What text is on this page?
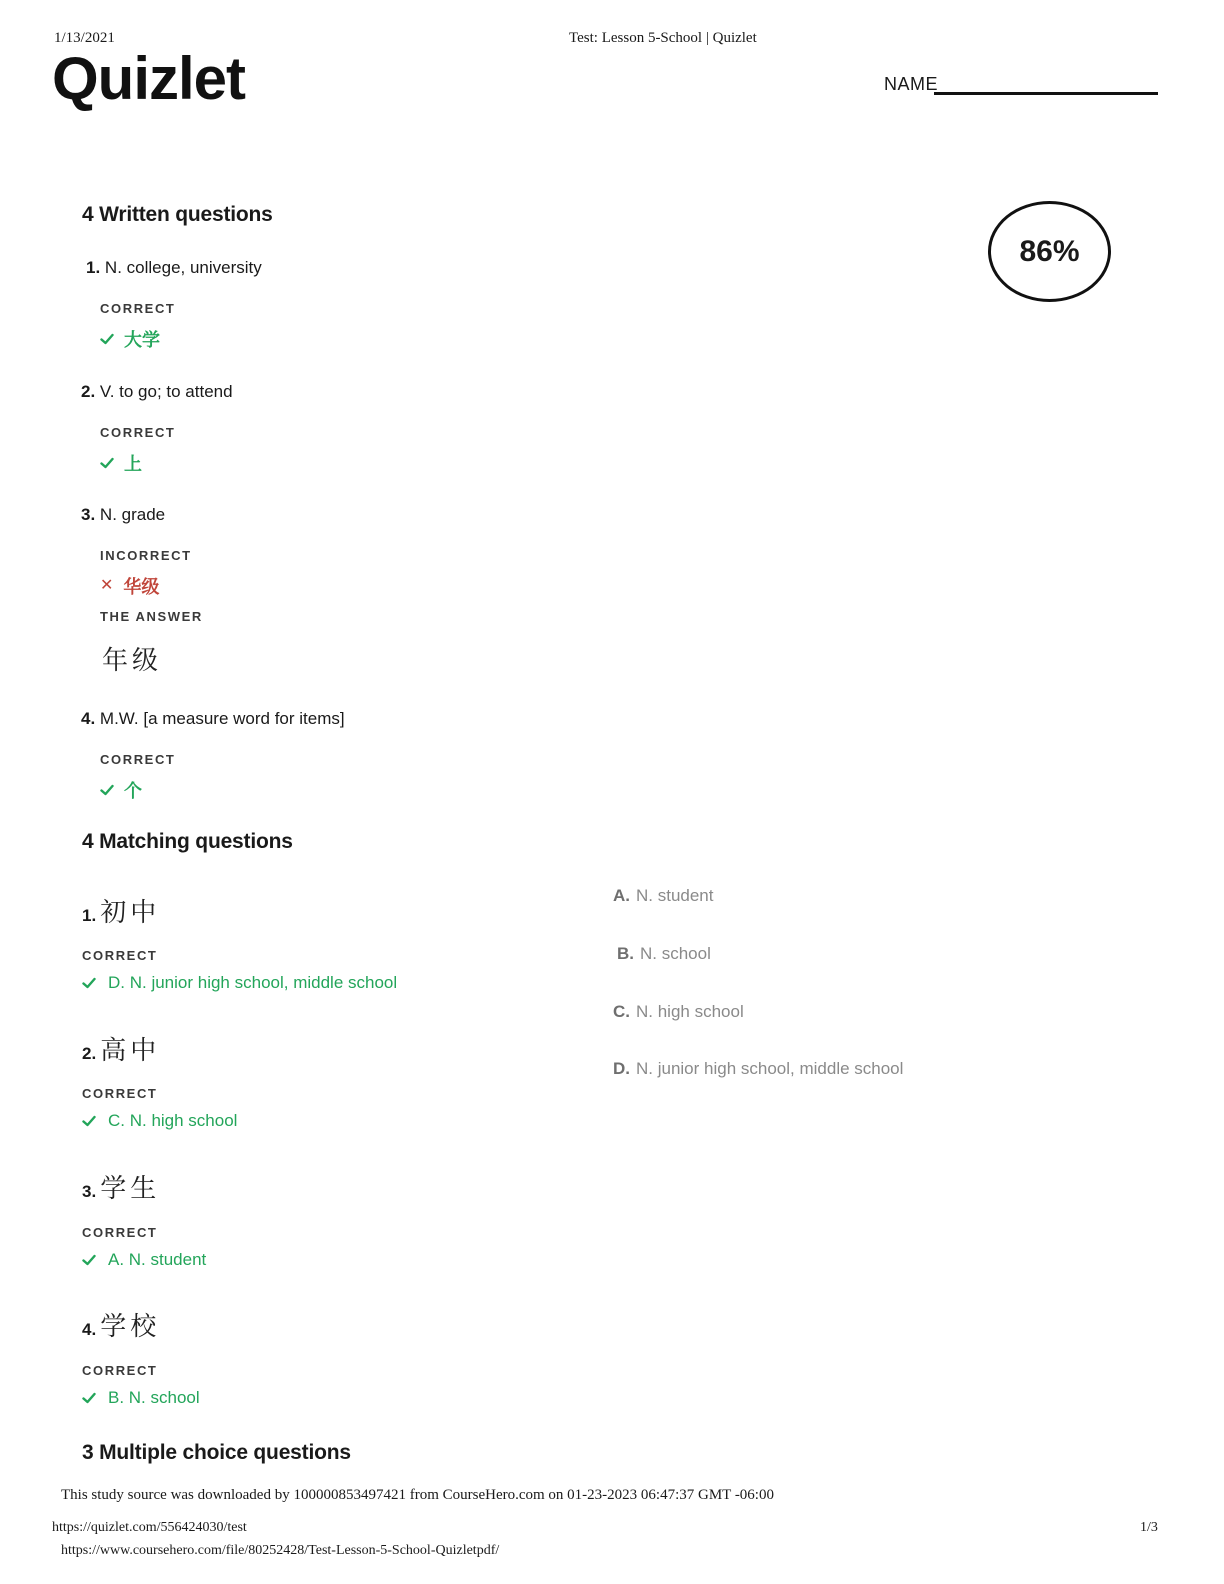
1/13/2021	Test: Lesson 5-School | Quizlet
Quizlet	NAME
86%
4 Written questions
1. N. college, university
CORRECT
大学
2. V. to go; to attend
CORRECT
上
3. N. grade
INCORRECT
✕ 华级
THE ANSWER
年级
4. M.W. [a measure word for items]
CORRECT
个
4 Matching questions
1. 初中
CORRECT
D. N. junior high school, middle school
2. 高中
CORRECT
C. N. high school
3. 学生
CORRECT
A. N. student
4. 学校
CORRECT
B. N. school
A. N. student
B. N. school
C. N. high school
D. N. junior high school, middle school
3 Multiple choice questions
This study source was downloaded by 100000853497421 from CourseHero.com on 01-23-2023 06:47:37 GMT -06:00
https://quizlet.com/556424030/test	1/3
https://www.coursehero.com/file/80252428/Test-Lesson-5-School-Quizletpdf/
